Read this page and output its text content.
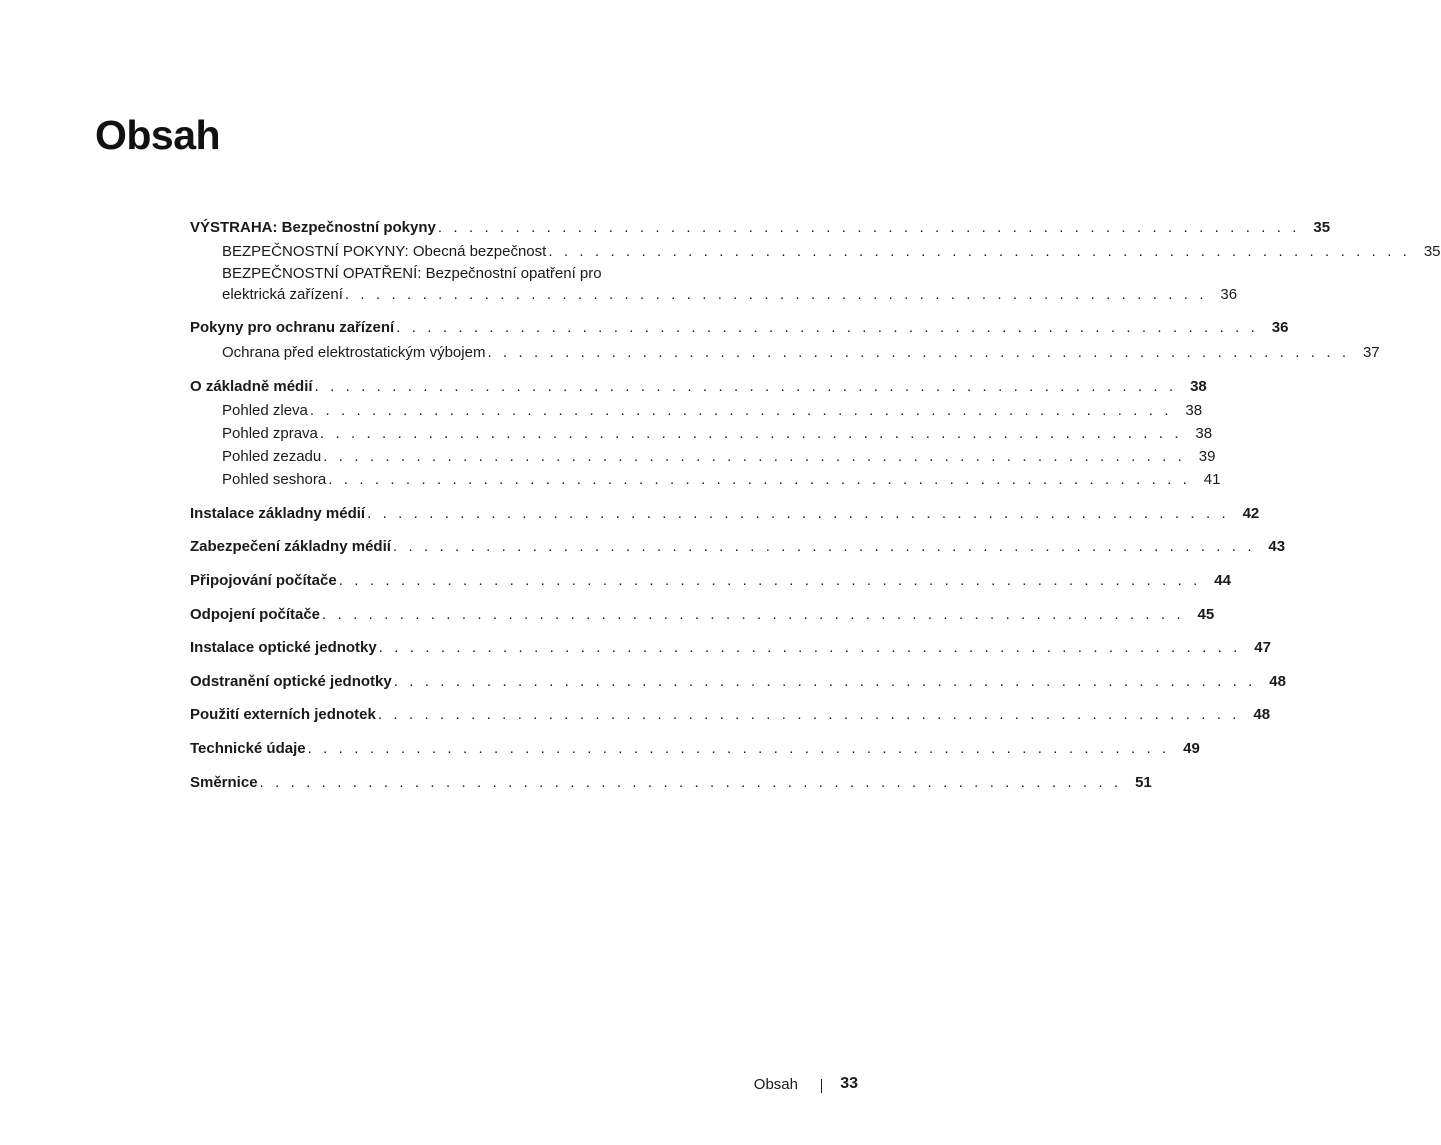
Obsah
VÝSTRAHA: Bezpečnostní pokyny . . . . . . . . . . . . . . . . . . . . . . . . . . . . . . . . . . . . . . . . . . . . . . . . . . . . . . . . 35
BEZPEČNOSTNÍ POKYNY: Obecná bezpečnost . . . . . . . . . . . . . . . . . . . . . . . . . . . . . . . . . . . . . . . . . . . . . . . . . . . . . . . . 35
BEZPEČNOSTNÍ OPATŘENÍ: Bezpečnostní opatření pro
elektrická zařízení . . . . . . . . . . . . . . . . . . . . . . . . . . . . . . . . . . . . . . . . . . . . . . . . . . . . . . . . 36
Pokyny pro ochranu zařízení . . . . . . . . . . . . . . . . . . . . . . . . . . . . . . . . . . . . . . . . . . . . . . . . . . . . . . . . 36
Ochrana před elektrostatickým výbojem . . . . . . . . . . . . . . . . . . . . . . . . . . . . . . . . . . . . . . . . . . . . . . . . . . . . . . . . 37
O základně médií . . . . . . . . . . . . . . . . . . . . . . . . . . . . . . . . . . . . . . . . . . . . . . . . . . . . . . . . 38
Pohled zleva . . . . . . . . . . . . . . . . . . . . . . . . . . . . . . . . . . . . . . . . . . . . . . . . . . . . . . . . 38
Pohled zprava . . . . . . . . . . . . . . . . . . . . . . . . . . . . . . . . . . . . . . . . . . . . . . . . . . . . . . . . 38
Pohled zezadu . . . . . . . . . . . . . . . . . . . . . . . . . . . . . . . . . . . . . . . . . . . . . . . . . . . . . . . . 39
Pohled seshora . . . . . . . . . . . . . . . . . . . . . . . . . . . . . . . . . . . . . . . . . . . . . . . . . . . . . . . . 41
Instalace základny médií . . . . . . . . . . . . . . . . . . . . . . . . . . . . . . . . . . . . . . . . . . . . . . . . . . . . . . . . 42
Zabezpečení základny médií . . . . . . . . . . . . . . . . . . . . . . . . . . . . . . . . . . . . . . . . . . . . . . . . . . . . . . . . 43
Připojování počítače . . . . . . . . . . . . . . . . . . . . . . . . . . . . . . . . . . . . . . . . . . . . . . . . . . . . . . . . 44
Odpojení počítače . . . . . . . . . . . . . . . . . . . . . . . . . . . . . . . . . . . . . . . . . . . . . . . . . . . . . . . . 45
Instalace optické jednotky . . . . . . . . . . . . . . . . . . . . . . . . . . . . . . . . . . . . . . . . . . . . . . . . . . . . . . . . 47
Odstranění optické jednotky . . . . . . . . . . . . . . . . . . . . . . . . . . . . . . . . . . . . . . . . . . . . . . . . . . . . . . . . 48
Použití externích jednotek . . . . . . . . . . . . . . . . . . . . . . . . . . . . . . . . . . . . . . . . . . . . . . . . . . . . . . . . 48
Technické údaje . . . . . . . . . . . . . . . . . . . . . . . . . . . . . . . . . . . . . . . . . . . . . . . . . . . . . . . . 49
Směrnice . . . . . . . . . . . . . . . . . . . . . . . . . . . . . . . . . . . . . . . . . . . . . . . . . . . . . . . . 51
Obsah	33
